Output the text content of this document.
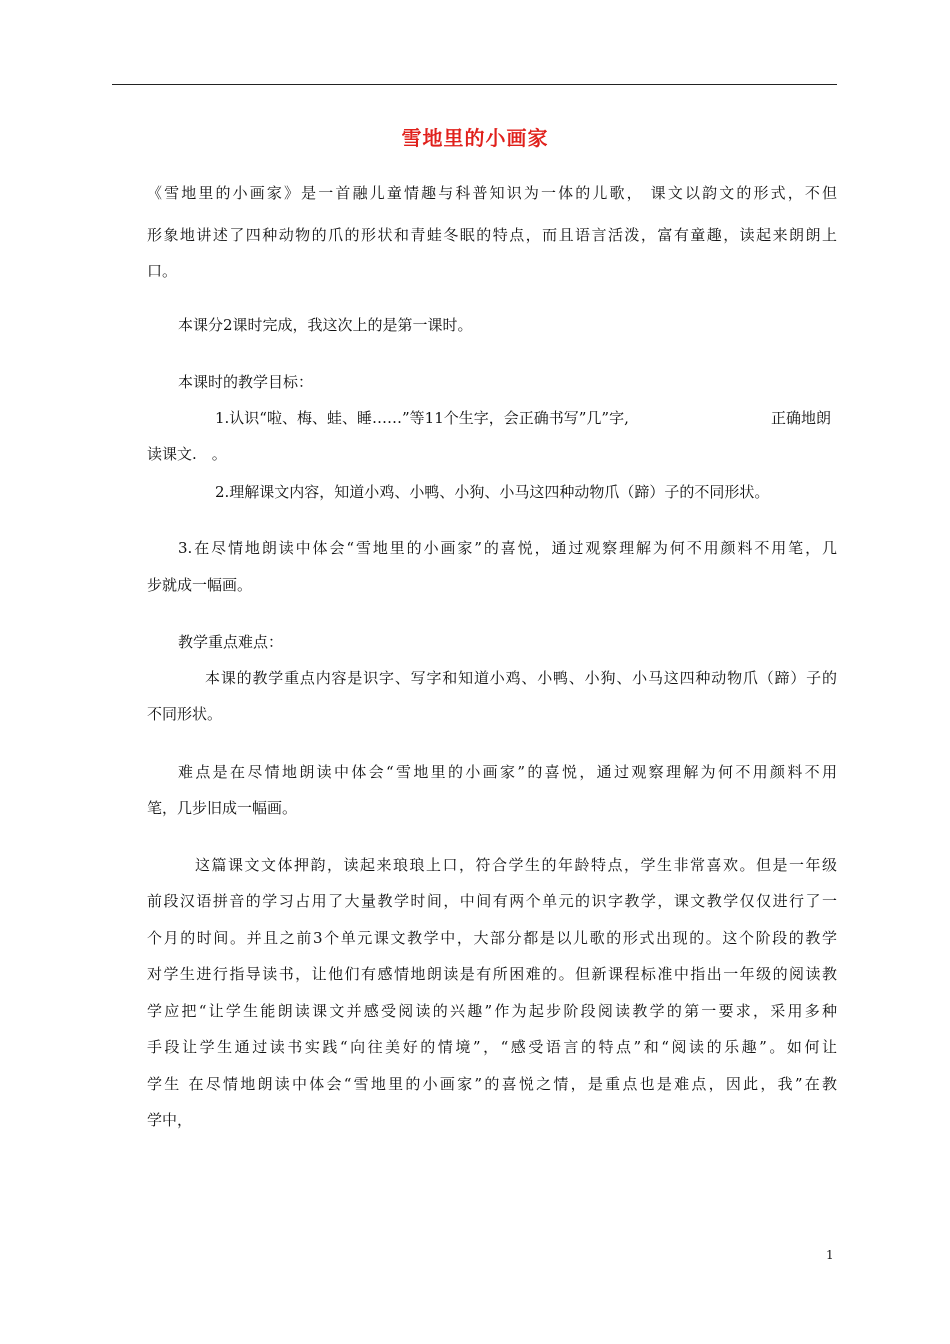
雪地里的小画家
《雪地里的小画家》是一首融儿童情趣与科普知识为一体的儿歌， 课文以韵文的形式，不但
形象地讲述了四种动物的爪的形状和青蛙冬眠的特点，而且语言活泼，富有童趣，读起来朗朗上
口。
本课分2课时完成，我这次上的是第一课时。
本课时的教学目标：
1.认识“啦、梅、蛙、睡……”等11个生字，会正确书写”几”字,	正确地朗
读课文.　。
2.理解课文内容，知道小鸡、小鸭、小狗、小马这四种动物爪（蹄）子的不同形状。
3.在尽情地朗读中体会“雪地里的小画家”的喜悦，通过观察理解为何不用颜料不用笔，几
步就成一幅画。
教学重点难点：
本课的教学重点内容是识字、写字和知道小鸡、小鸭、小狗、小马这四种动物爪（蹄）子的
不同形状。
难点是在尽情地朗读中体会“雪地里的小画家”的喜悦，通过观察理解为何不用颜料不用
笔，几步旧成一幅画。
这篇课文文体押韵，读起来琅琅上口，符合学生的年龄特点，学生非常喜欢。但是一年级
前段汉语拼音的学习占用了大量教学时间，中间有两个单元的识字教学，课文教学仅仅进行了一
个月的时间。并且之前3个单元课文教学中，大部分都是以儿歌的形式出现的。这个阶段的教学
对学生进行指导读书，让他们有感情地朗读是有所困难的。但新课程标准中指出一年级的阅读教
学应把“让学生能朗读课文并感受阅读的兴趣”作为起步阶段阅读教学的第一要求，采用多种
手段让学生通过读书实践“向往美好的情境”，“感受语言的特点”和“阅读的乐趣”。如何让
学生 在尽情地朗读中体会“雪地里的小画家”的喜悦之情，是重点也是难点，因此，我”在教
学中，
1
